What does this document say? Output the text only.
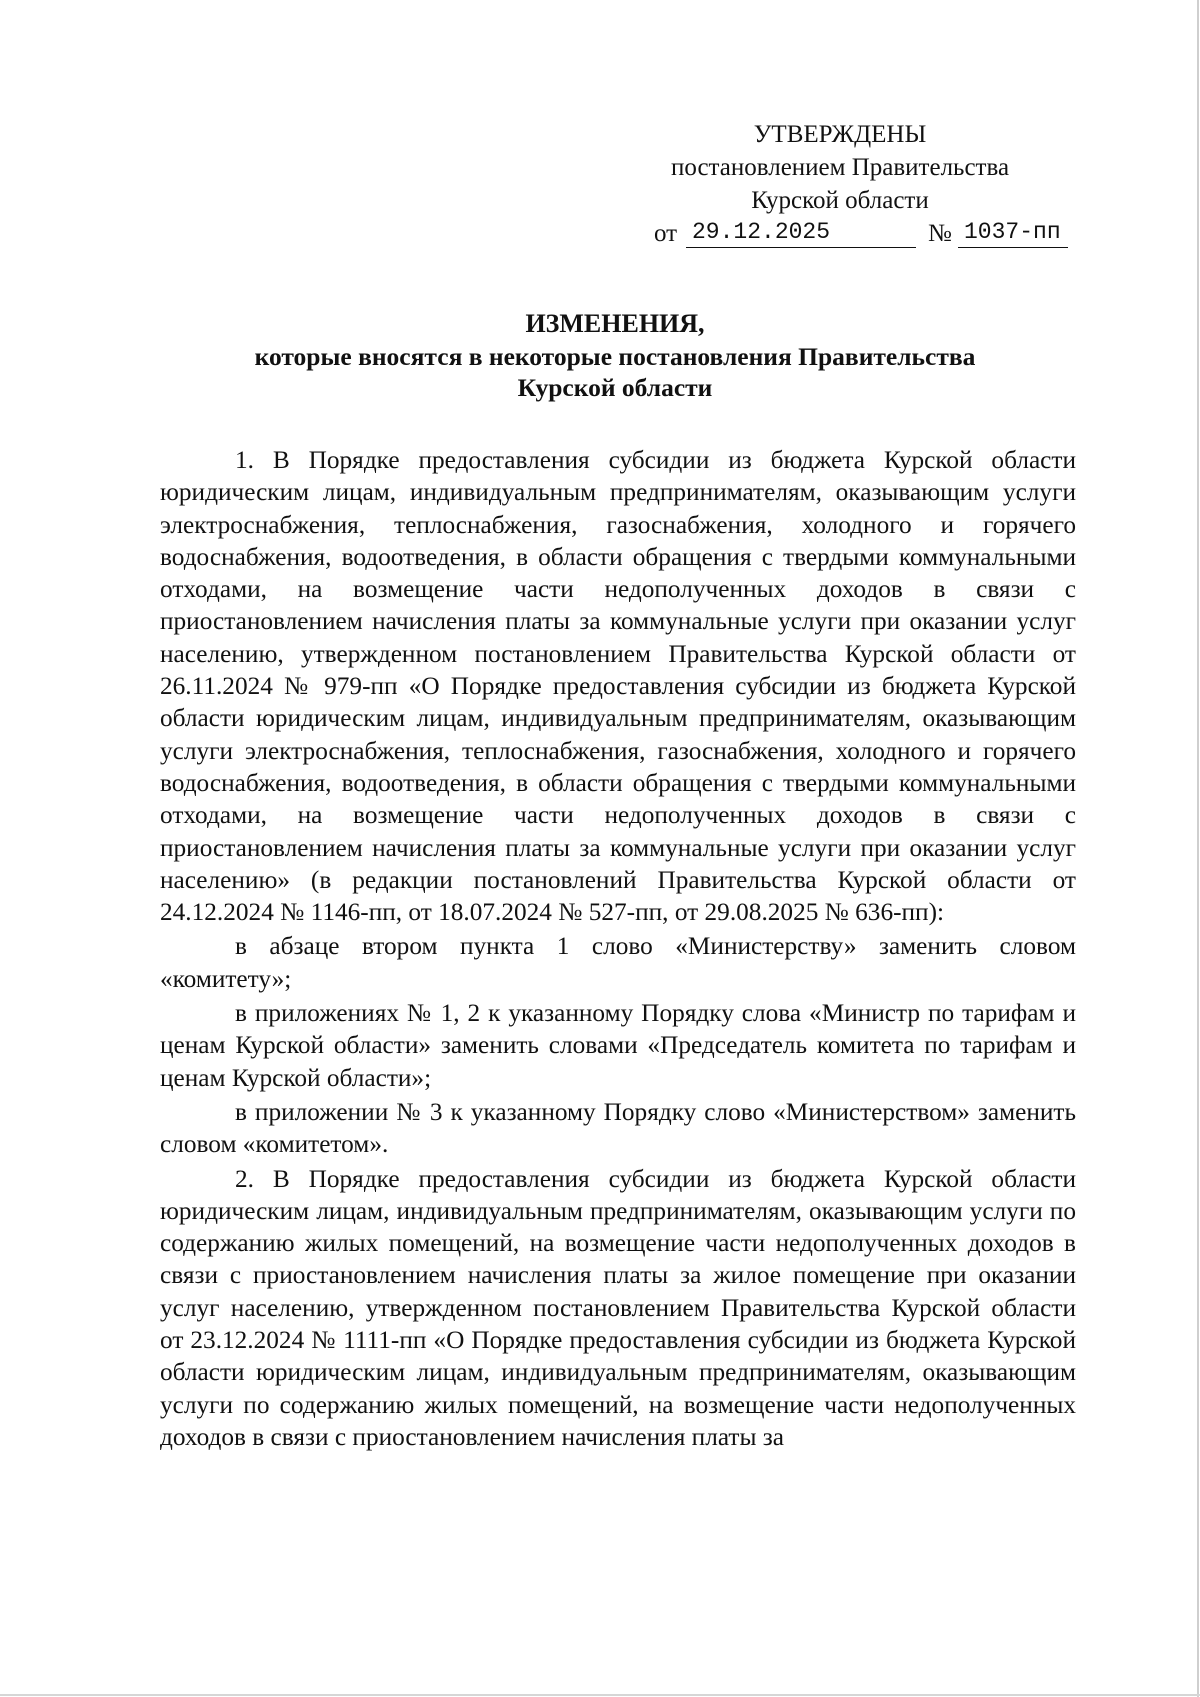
УТВЕРЖДЕНЫ
постановлением Правительства
Курской области
от 29.12.2025	№ 1037-пп
ИЗМЕНЕНИЯ,
которые вносятся в некоторые постановления Правительства
Курской области

1. В Порядке предоставления субсидии из бюджета Курской области юридическим лицам, индивидуальным предпринимателям, оказывающим услуги электроснабжения, теплоснабжения, газоснабжения, холодного и горячего водоснабжения, водоотведения, в области обращения с твердыми коммунальными отходами, на возмещение части недополученных доходов в связи с приостановлением начисления платы за коммунальные услуги при оказании услуг населению, утвержденном постановлением Правительства Курской области от 26.11.2024 № 979-пп «О Порядке предоставления субсидии из бюджета Курской области юридическим лицам, индивидуальным предпринимателям, оказывающим услуги электроснабжения, теплоснабжения, газоснабжения, холодного и горячего водоснабжения, водоотведения, в области обращения с твердыми коммунальными отходами, на возмещение части недополученных доходов в связи с приостановлением начисления платы за коммунальные услуги при оказании услуг населению» (в редакции постановлений Правительства Курской области от 24.12.2024 № 1146-пп, от 18.07.2024 № 527-пп, от 29.08.2025 № 636-пп):

в абзаце втором пункта 1 слово «Министерству» заменить словом «комитету»;

в приложениях № 1, 2 к указанному Порядку слова «Министр по тарифам и ценам Курской области» заменить словами «Председатель комитета по тарифам и ценам Курской области»;

в приложении № 3 к указанному Порядку слово «Министерством» заменить словом «комитетом».

2. В Порядке предоставления субсидии из бюджета Курской области юридическим лицам, индивидуальным предпринимателям, оказывающим услуги по содержанию жилых помещений, на возмещение части недополученных доходов в связи с приостановлением начисления платы за жилое помещение при оказании услуг населению, утвержденном постановлением Правительства Курской области от 23.12.2024 № 1111-пп «О Порядке предоставления субсидии из бюджета Курской области юридическим лицам, индивидуальным предпринимателям, оказывающим услуги по содержанию жилых помещений, на возмещение части недополученных доходов в связи с приостановлением начисления платы за
